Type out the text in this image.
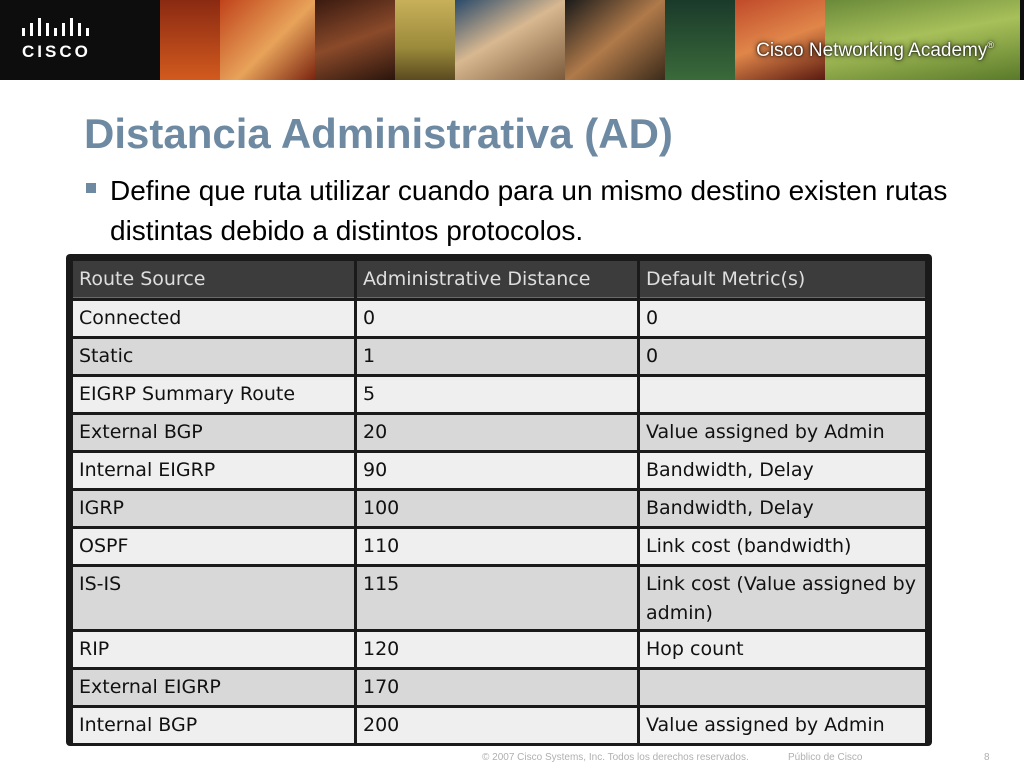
CISCO	Cisco Networking Academy®
Distancia Administrativa (AD)
Define que ruta utilizar cuando para un mismo destino existen rutas distintas debido a distintos protocolos.
Route Source	Administrative Distance	Default Metric(s)
Connected	0	0
Static	1	0
EIGRP Summary Route	5	
External BGP	20	Value assigned by Admin
Internal EIGRP	90	Bandwidth, Delay
IGRP	100	Bandwidth, Delay
OSPF	110	Link cost (bandwidth)
IS-IS	115	Link cost (Value assigned by admin)
RIP	120	Hop count
External EIGRP	170	
Internal BGP	200	Value assigned by Admin
© 2007 Cisco Systems, Inc. Todos los derechos reservados.	Público de Cisco	8
